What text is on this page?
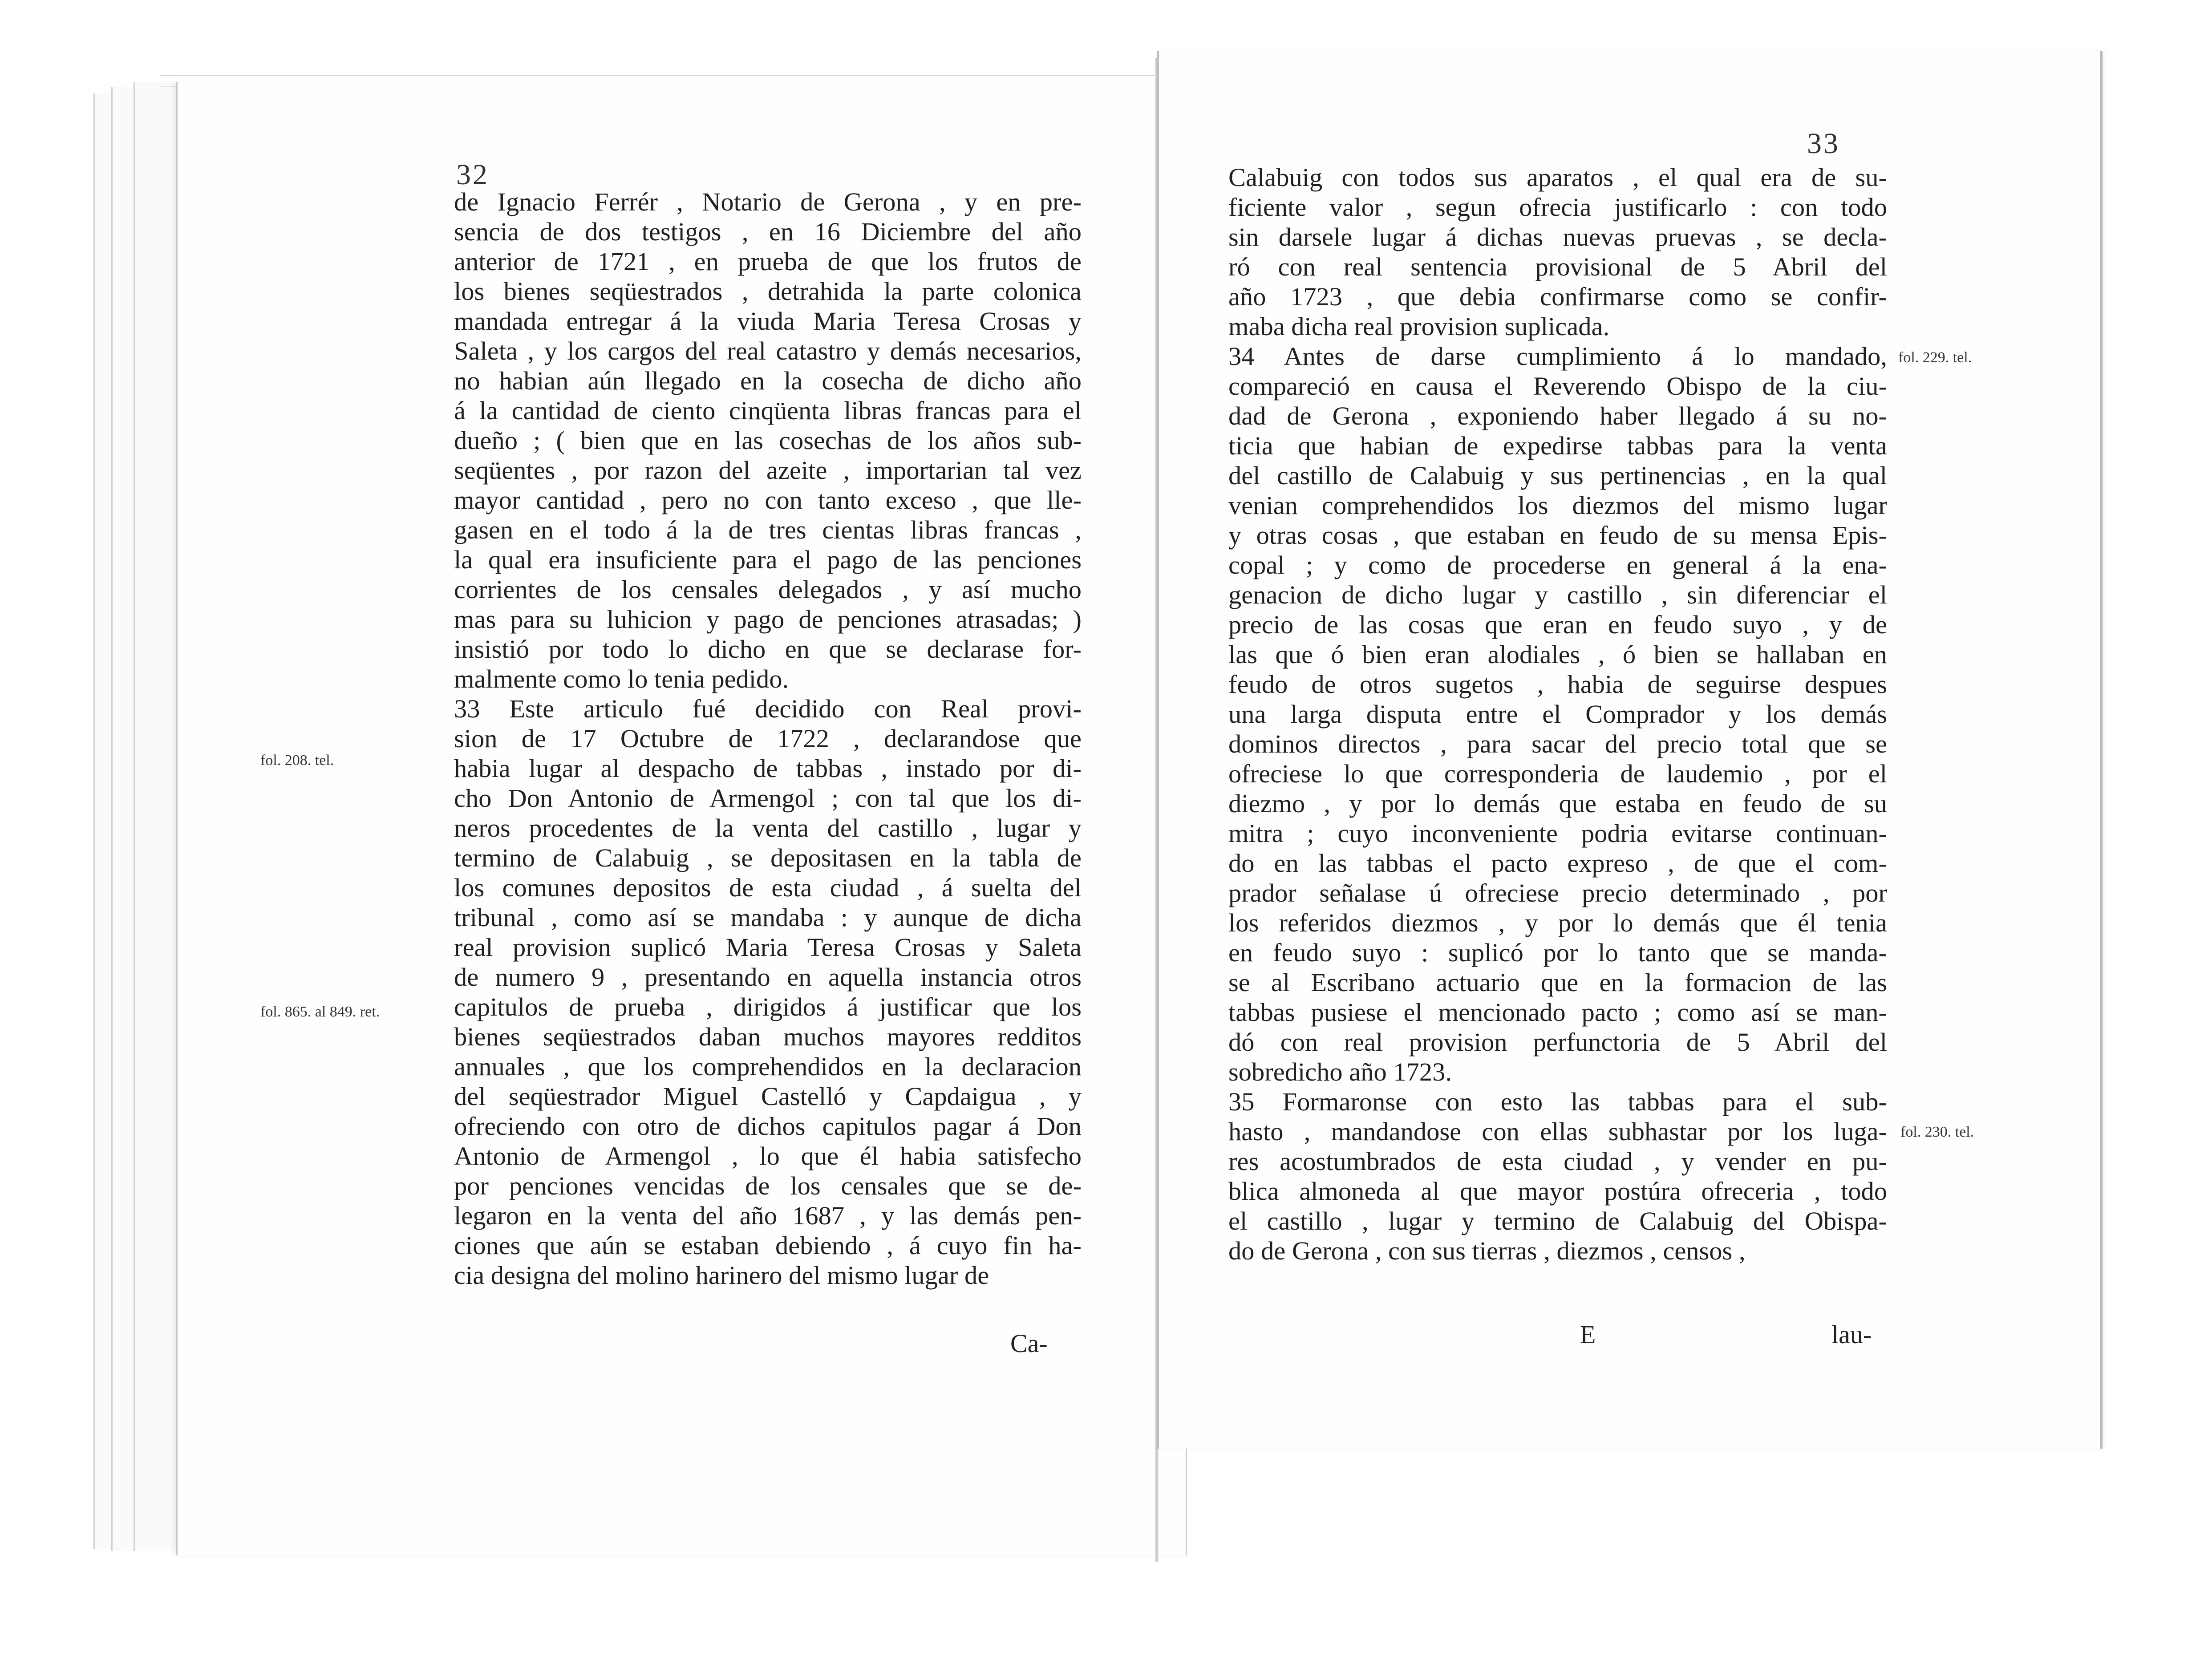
32
de Ignacio Ferrér , Notario de Gerona , y en pre-
sencia de dos testigos , en 16 Diciembre del año
anterior de 1721 , en prueba de que los frutos de
los bienes seqüestrados , detrahida la parte colonica
mandada entregar á la viuda Maria Teresa Crosas y
Saleta , y los cargos del real catastro y demás necesarios,
no habian aún llegado en la cosecha de dicho año
á la cantidad de ciento cinqüenta libras francas para el
dueño ; ( bien que en las cosechas de los años sub-
seqüentes , por razon del azeite , importarian tal vez
mayor cantidad , pero no con tanto exceso , que lle-
gasen en el todo á la de tres cientas libras francas ,
la qual era insuficiente para el pago de las penciones
corrientes de los censales delegados , y así mucho
mas para su luhicion y pago de penciones atrasadas; )
insistió por todo lo dicho en que se declarase for-
malmente como lo tenia pedido.
33 Este articulo fué decidido con Real provi-
sion de 17 Octubre de 1722 , declarandose que
habia lugar al despacho de tabbas , instado por di-
cho Don Antonio de Armengol ; con tal que los di-
neros procedentes de la venta del castillo , lugar y
termino de Calabuig , se depositasen en la tabla de
los comunes depositos de esta ciudad , á suelta del
tribunal , como así se mandaba : y aunque de dicha
real provision suplicó Maria Teresa Crosas y Saleta
de numero 9 , presentando en aquella instancia otros
capitulos de prueba , dirigidos á justificar que los
bienes seqüestrados daban muchos mayores redditos
annuales , que los comprehendidos en la declaracion
del seqüestrador Miguel Castelló y Capdaigua , y
ofreciendo con otro de dichos capitulos pagar á Don
Antonio de Armengol , lo que él habia satisfecho
por penciones vencidas de los censales que se de-
legaron en la venta del año 1687 , y las demás pen-
ciones que aún se estaban debiendo , á cuyo fin ha-
cia designa del molino harinero del mismo lugar de
Ca-
fol. 208. tel.
fol. 865. al 849. ret.
33
Calabuig con todos sus aparatos , el qual era de su-
ficiente valor , segun ofrecia justificarlo : con todo
sin darsele lugar á dichas nuevas pruevas , se decla-
ró con real sentencia provisional de 5 Abril del
año 1723 , que debia confirmarse como se confir-
maba dicha real provision suplicada.
34 Antes de darse cumplimiento á lo mandado,
compareció en causa el Reverendo Obispo de la ciu-
dad de Gerona , exponiendo haber llegado á su no-
ticia que habian de expedirse tabbas para la venta
del castillo de Calabuig y sus pertinencias , en la qual
venian comprehendidos los diezmos del mismo lugar
y otras cosas , que estaban en feudo de su mensa Epis-
copal ; y como de procederse en general á la ena-
genacion de dicho lugar y castillo , sin diferenciar el
precio de las cosas que eran en feudo suyo , y de
las que ó bien eran alodiales , ó bien se hallaban en
feudo de otros sugetos , habia de seguirse despues
una larga disputa entre el Comprador y los demás
dominos directos , para sacar del precio total que se
ofreciese lo que corresponderia de laudemio , por el
diezmo , y por lo demás que estaba en feudo de su
mitra ; cuyo inconveniente podria evitarse continuan-
do en las tabbas el pacto expreso , de que el com-
prador señalase ú ofreciese precio determinado , por
los referidos diezmos , y por lo demás que él tenia
en feudo suyo : suplicó por lo tanto que se manda-
se al Escribano actuario que en la formacion de las
tabbas pusiese el mencionado pacto ; como así se man-
dó con real provision perfunctoria de 5 Abril del
sobredicho año 1723.
35 Formaronse con esto las tabbas para el sub-
hasto , mandandose con ellas subhastar por los luga-
res acostumbrados de esta ciudad , y vender en pu-
blica almoneda al que mayor postúra ofreceria , todo
el castillo , lugar y termino de Calabuig del Obispa-
do de Gerona , con sus tierras , diezmos , censos ,
E	lau-
fol. 229. tel.
fol. 230. tel.
